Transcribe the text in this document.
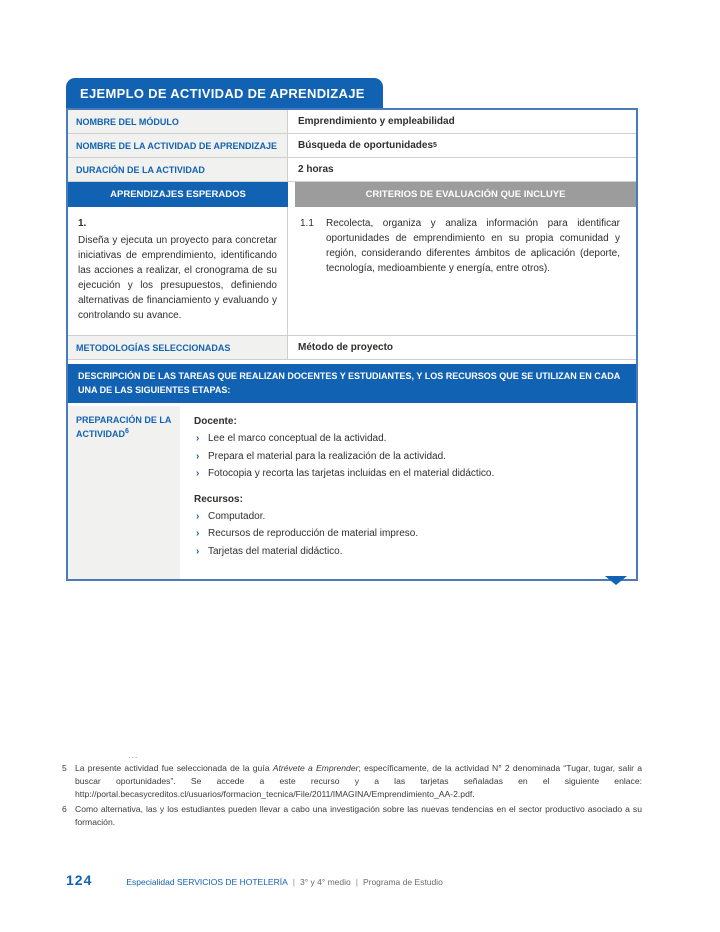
EJEMPLO DE ACTIVIDAD DE APRENDIZAJE
NOMBRE DEL MÓDULO	Emprendimiento y empleabilidad
NOMBRE DE LA ACTIVIDAD DE APRENDIZAJE	Búsqueda de oportunidades 5
DURACIÓN DE LA ACTIVIDAD	2 horas
APRENDIZAJES ESPERADOS	CRITERIOS DE EVALUACIÓN QUE INCLUYE
1.
Diseña y ejecuta un proyecto para concretar iniciativas de emprendimiento, identificando las acciones a realizar, el cronograma de su ejecución y los presupuestos, definiendo alternativas de financiamiento y evaluando y controlando su avance.
1.1	Recolecta, organiza y analiza información para identificar oportunidades de emprendimiento en su propia comunidad y región, considerando diferentes ámbitos de aplicación (deporte, tecnología, medioambiente y energía, entre otros).
METODOLOGÍAS SELECCIONADAS	Método de proyecto
DESCRIPCIÓN DE LAS TAREAS QUE REALIZAN DOCENTES Y ESTUDIANTES, Y LOS RECURSOS QUE SE UTILIZAN EN CADA UNA DE LAS SIGUIENTES ETAPAS:
PREPARACIÓN DE LA ACTIVIDAD$^6$
Docente:
› Lee el marco conceptual de la actividad.
› Prepara el material para la realización de la actividad.
› Fotocopia y recorta las tarjetas incluidas en el material didáctico.
Recursos:
› Computador.
› Recursos de reproducción de material impreso.
› Tarjetas del material didáctico.
...
5 La presente actividad fue seleccionada de la guía Atrévete a Emprender; específicamente, de la actividad N° 2 denominada “Tugar, tugar, salir a buscar oportunidades”. Se accede a este recurso y a las tarjetas señaladas en el siguiente enlace: http://portal.becasycreditos.cl/usuarios/formacion_tecnica/File/2011/IMAGINA/Emprendimiento_AA-2.pdf.
6 Como alternativa, las y los estudiantes pueden llevar a cabo una investigación sobre las nuevas tendencias en el sector productivo asociado a su formación.
124	Especialidad SERVICIOS DE HOTELERÍA | 3° y 4° medio | Programa de Estudio
